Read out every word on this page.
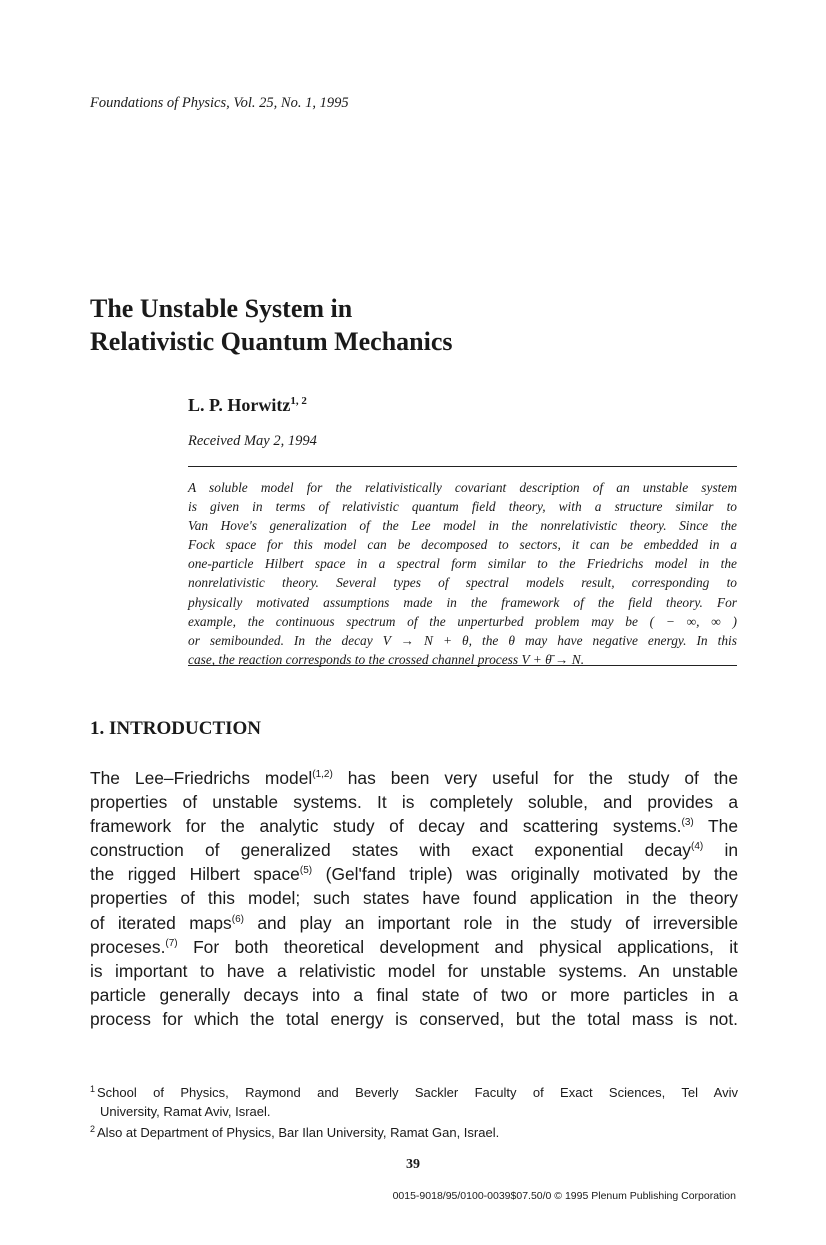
Foundations of Physics, Vol. 25, No. 1, 1995
The Unstable System in
Relativistic Quantum Mechanics
L. P. Horwitz$^{1, 2}$
Received May 2, 1994
A soluble model for the relativistically covariant description of an unstable system
is given in terms of relativistic quantum field theory, with a structure similar to
Van Hove's generalization of the Lee model in the nonrelativistic theory. Since the
Fock space for this model can be decomposed to sectors, it can be embedded in a
one-particle Hilbert space in a spectral form similar to the Friedrichs model in the
nonrelativistic theory. Several types of spectral models result, corresponding to
physically motivated assumptions made in the framework of the field theory. For
example, the continuous spectrum of the unperturbed problem may be ( − ∞, ∞ )
or semibounded. In the decay V → N + θ, the θ may have negative energy. In this
case, the reaction corresponds to the crossed channel process V + θ̄ → N.
1. INTRODUCTION
The Lee–Friedrichs model$^{(1,2)}$ has been very useful for the study of the
properties of unstable systems. It is completely soluble, and provides a
framework for the analytic study of decay and scattering systems.$^{(3)}$ The
construction of generalized states with exact exponential decay$^{(4)}$ in
the rigged Hilbert space$^{(5)}$ (Gel'fand triple) was originally motivated by the
properties of this model; such states have found application in the theory
of iterated maps$^{(6)}$ and play an important role in the study of irreversible
proceses.$^{(7)}$ For both theoretical development and physical applications, it
is important to have a relativistic model for unstable systems. An unstable
particle generally decays into a final state of two or more particles in a
process for which the total energy is conserved, but the total mass is not.
$^1$ School of Physics, Raymond and Beverly Sackler Faculty of Exact Sciences, Tel Aviv
University, Ramat Aviv, Israel.
$^2$ Also at Department of Physics, Bar Ilan University, Ramat Gan, Israel.
39
0015-9018/95/0100-0039$07.50/0 © 1995 Plenum Publishing Corporation
